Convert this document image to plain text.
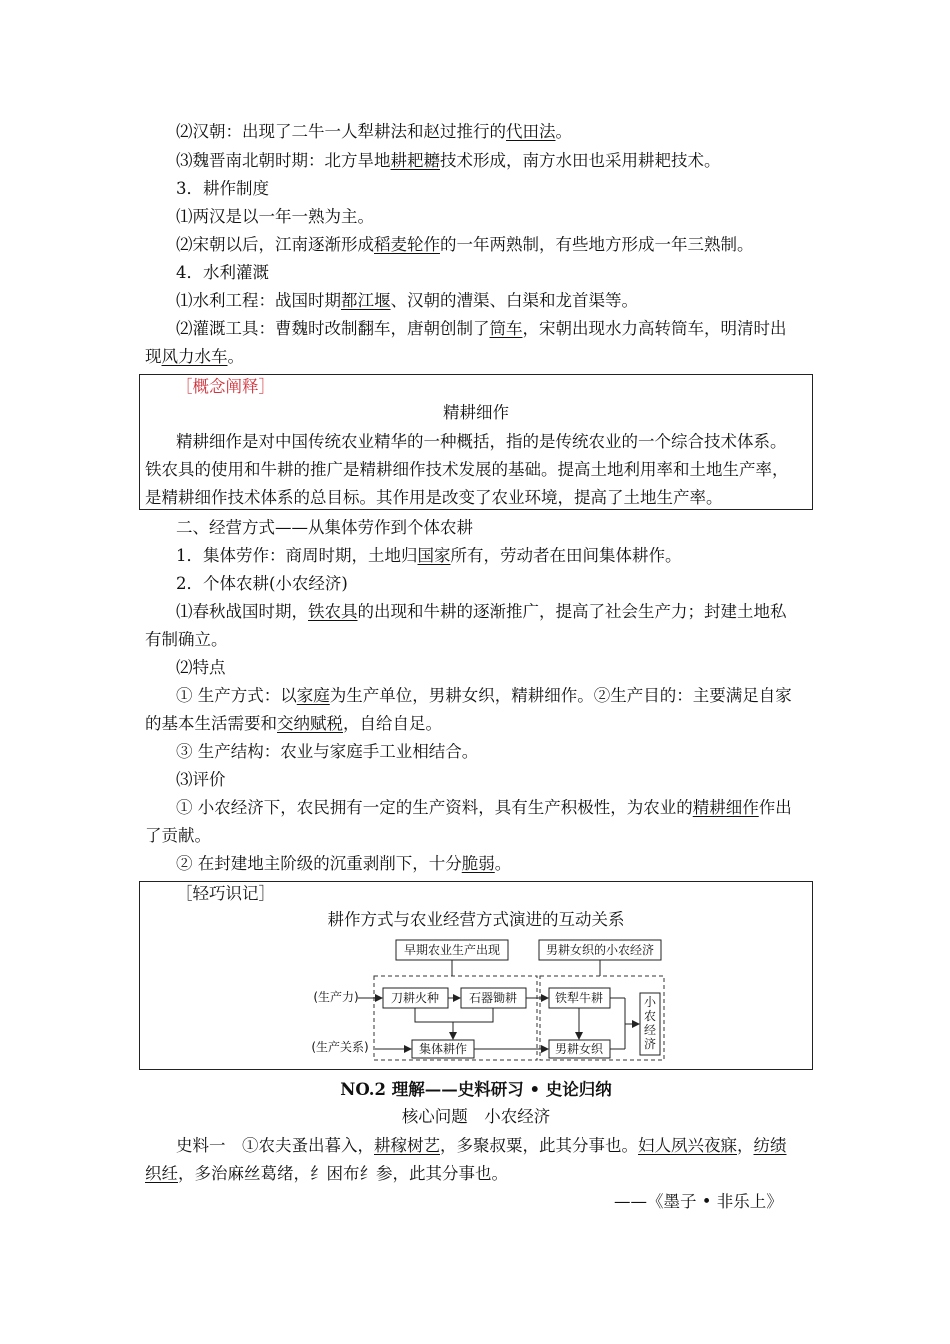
⑵汉朝：出现了二牛一人犁耕法和赵过推行的代田法。
⑶魏晋南北朝时期：北方旱地耕耙耱技术形成，南方水田也采用耕耙技术。
3．耕作制度
⑴两汉是以一年一熟为主。
⑵宋朝以后，江南逐渐形成稻麦轮作的一年两熟制，有些地方形成一年三熟制。
4．水利灌溉
⑴水利工程：战国时期都江堰、汉朝的漕渠、白渠和龙首渠等。
⑵灌溉工具：曹魏时改制翻车，唐朝创制了筒车，宋朝出现水力高转筒车，明清时出
现风力水车。
［概念阐释］
精耕细作
精耕细作是对中国传统农业精华的一种概括，指的是传统农业的一个综合技术体系。
铁农具的使用和牛耕的推广是精耕细作技术发展的基础。提高土地利用率和土地生产率，
是精耕细作技术体系的总目标。其作用是改变了农业环境，提高了土地生产率。
二、经营方式——从集体劳作到个体农耕
1．集体劳作：商周时期，土地归国家所有，劳动者在田间集体耕作。
2．个体农耕(小农经济)
⑴春秋战国时期，铁农具的出现和牛耕的逐渐推广，提高了社会生产力；封建土地私
有制确立。
⑵特点
① 生产方式：以家庭为生产单位，男耕女织，精耕细作。②生产目的：主要满足自家
的基本生活需要和交纳赋税，自给自足。
③ 生产结构：农业与家庭手工业相结合。
⑶评价
① 小农经济下，农民拥有一定的生产资料，具有生产积极性，为农业的精耕细作作出
了贡献。
② 在封建地主阶级的沉重剥削下，十分脆弱。
［轻巧识记］
耕作方式与农业经营方式演进的互动关系
早期农业生产出现	男耕女织的小农经济
(生产力)
(生产关系)
刀耕火种 石器锄耕	铁犁牛耕
集体耕作	男耕女织
小
农
经
济
NO.2 理解——史料研习 • 史论归纳
核心问题　小农经济
史料一　①农夫蚤出暮入，耕稼树艺，多聚叔粟，此其分事也。妇人夙兴夜寐，纺绩
织纴，多治麻丝葛绪，纟困布纟参，此其分事也。
——《墨子 • 非乐上》
